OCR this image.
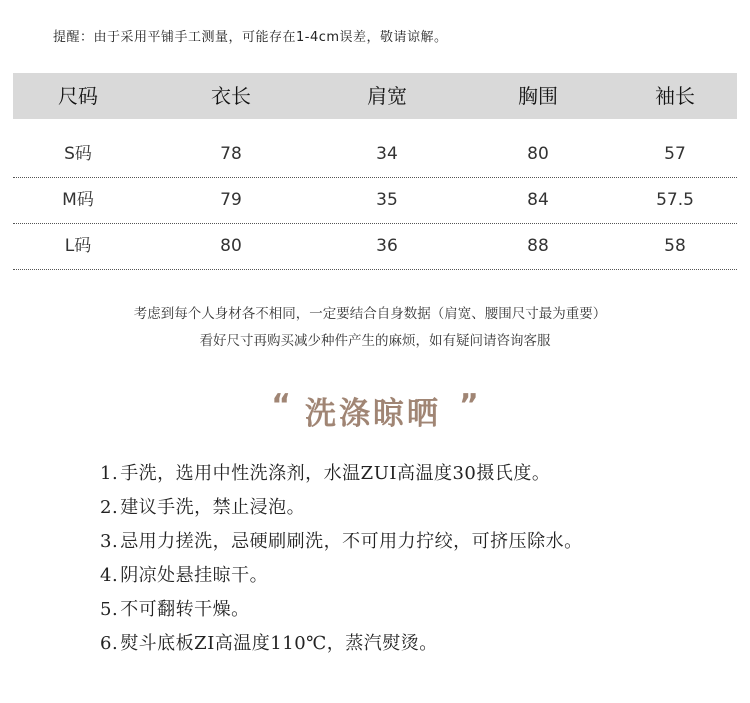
提醒：由于采用平铺手工测量，可能存在1-4cm误差，敬请谅解。
尺码	衣长	肩宽	胸围	袖长
S码	78	34	80	57
M码	79	35	84	57.5
L码	80	36	88	58
考虑到每个人身材各不相同，一定要结合自身数据（肩宽、腰围尺寸最为重要）
看好尺寸再购买减少种件产生的麻烦，如有疑问请咨询客服
“ 洗涤晾晒 ”
1. 手洗，选用中性洗涤剂，水温ZUI高温度30摄氏度。
2. 建议手洗，禁止浸泡。
3. 忌用力搓洗，忌硬刷刷洗，不可用力拧绞，可挤压除水。
4. 阴凉处悬挂晾干。
5. 不可翻转干燥。
6. 熨斗底板ZI高温度110℃，蒸汽熨烫。
